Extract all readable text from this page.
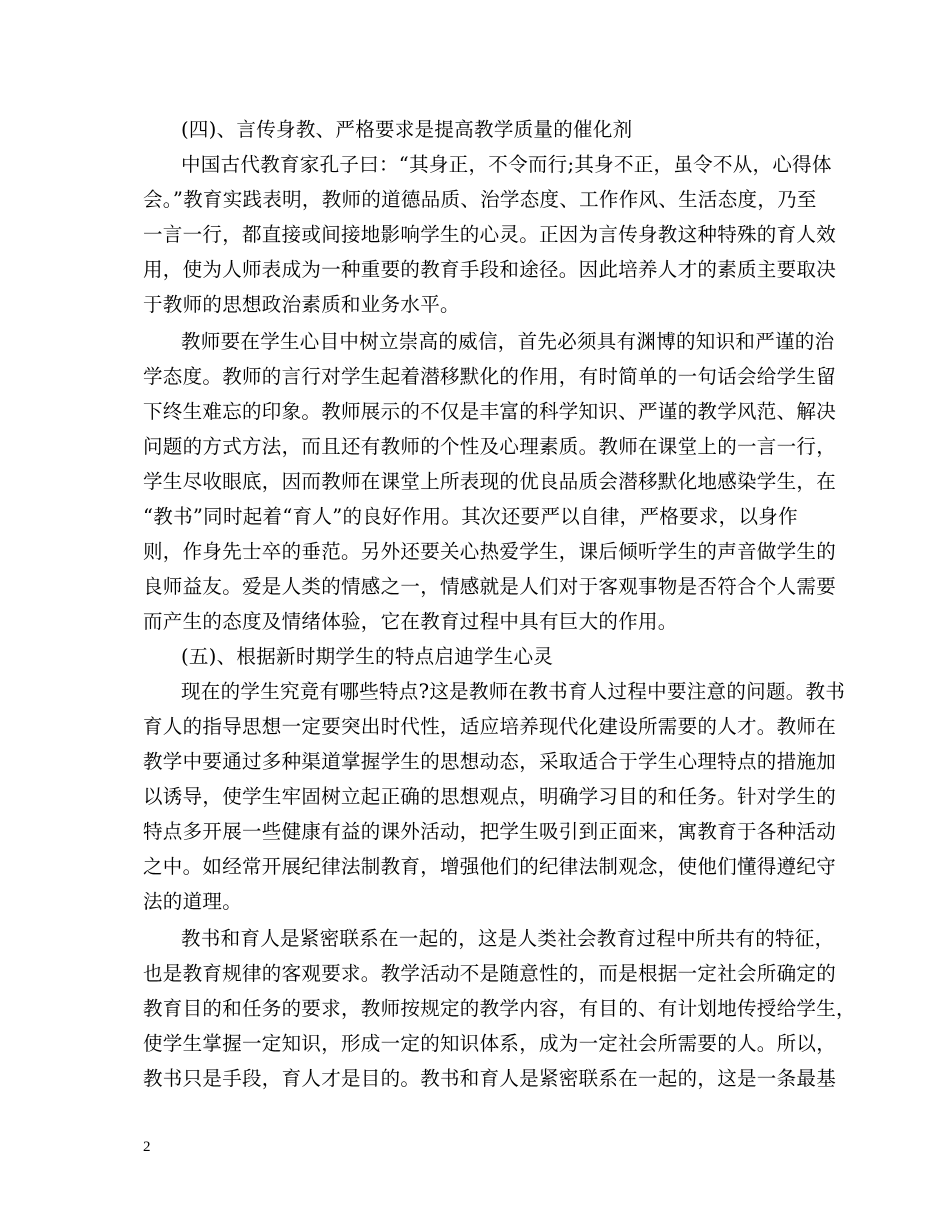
(四)、言传身教、严格要求是提高教学质量的催化剂
中国古代教育家孔子曰：“其身正，不令而行;其身不正，虽令不从，心得体
会。”教育实践表明，教师的道德品质、治学态度、工作作风、生活态度，乃至
一言一行，都直接或间接地影响学生的心灵。正因为言传身教这种特殊的育人效
用，使为人师表成为一种重要的教育手段和途径。因此培养人才的素质主要取决
于教师的思想政治素质和业务水平。
教师要在学生心目中树立崇高的威信，首先必须具有渊博的知识和严谨的治
学态度。教师的言行对学生起着潜移默化的作用，有时简单的一句话会给学生留
下终生难忘的印象。教师展示的不仅是丰富的科学知识、严谨的教学风范、解决
问题的方式方法，而且还有教师的个性及心理素质。教师在课堂上的一言一行，
学生尽收眼底，因而教师在课堂上所表现的优良品质会潜移默化地感染学生，在
“教书”同时起着“育人”的良好作用。其次还要严以自律，严格要求，以身作
则，作身先士卒的垂范。另外还要关心热爱学生，课后倾听学生的声音做学生的
良师益友。爱是人类的情感之一，情感就是人们对于客观事物是否符合个人需要
而产生的态度及情绪体验，它在教育过程中具有巨大的作用。
(五)、根据新时期学生的特点启迪学生心灵
现在的学生究竟有哪些特点?这是教师在教书育人过程中要注意的问题。教书
育人的指导思想一定要突出时代性，适应培养现代化建设所需要的人才。教师在
教学中要通过多种渠道掌握学生的思想动态，采取适合于学生心理特点的措施加
以诱导，使学生牢固树立起正确的思想观点，明确学习目的和任务。针对学生的
特点多开展一些健康有益的课外活动，把学生吸引到正面来，寓教育于各种活动
之中。如经常开展纪律法制教育，增强他们的纪律法制观念，使他们懂得遵纪守
法的道理。
教书和育人是紧密联系在一起的，这是人类社会教育过程中所共有的特征，
也是教育规律的客观要求。教学活动不是随意性的，而是根据一定社会所确定的
教育目的和任务的要求，教师按规定的教学内容，有目的、有计划地传授给学生，
使学生掌握一定知识，形成一定的知识体系，成为一定社会所需要的人。所以，
教书只是手段，育人才是目的。教书和育人是紧密联系在一起的，这是一条最基
2
